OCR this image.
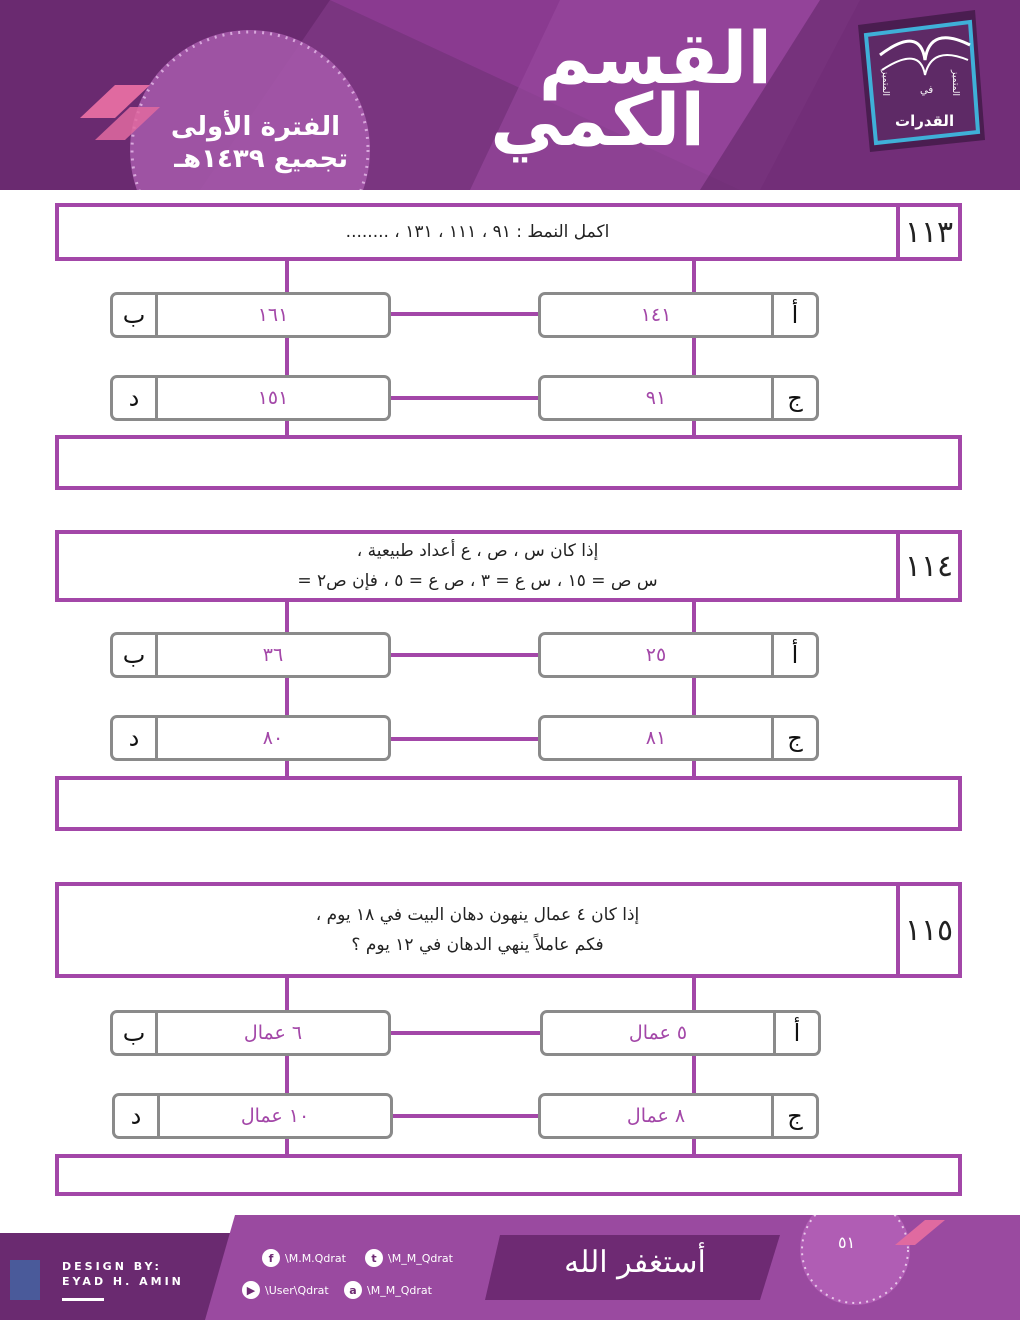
القسم
الكمي
الفترة الأولى
تجميع ١٤٣٩هـ
القدرات
المتميز	المتميز
في
١١٣
اكمل النمط : ٩١ ، ١١١ ، ١٣١ ، ........
١٤١	أ
ب	١٦١
٩١	ج
د	١٥١
١١٤
إذا كان س ، ص ، ع أعداد طبيعية ،
س ص = ١٥ ، س ع = ٣ ، ص ع = ٥ ، فإن ص٢ =
٢٥	أ
ب	٣٦
٨١	ج
د	٨٠
١١٥
إذا كان ٤ عمال ينهون دهان البيت في ١٨ يوم ،
فكم عاملاً ينهي الدهان في ١٢ يوم ؟
٥ عمال	أ
ب	٦ عمال
٨ عمال	ج
د	١٠ عمال
DESIGN BY:
EYAD H. AMIN
f	\M.M.Qdrat	t	\M_M_Qdrat
▶ \User\Qdrat	a \M_M_Qdrat
أستغفر الله
٥١
